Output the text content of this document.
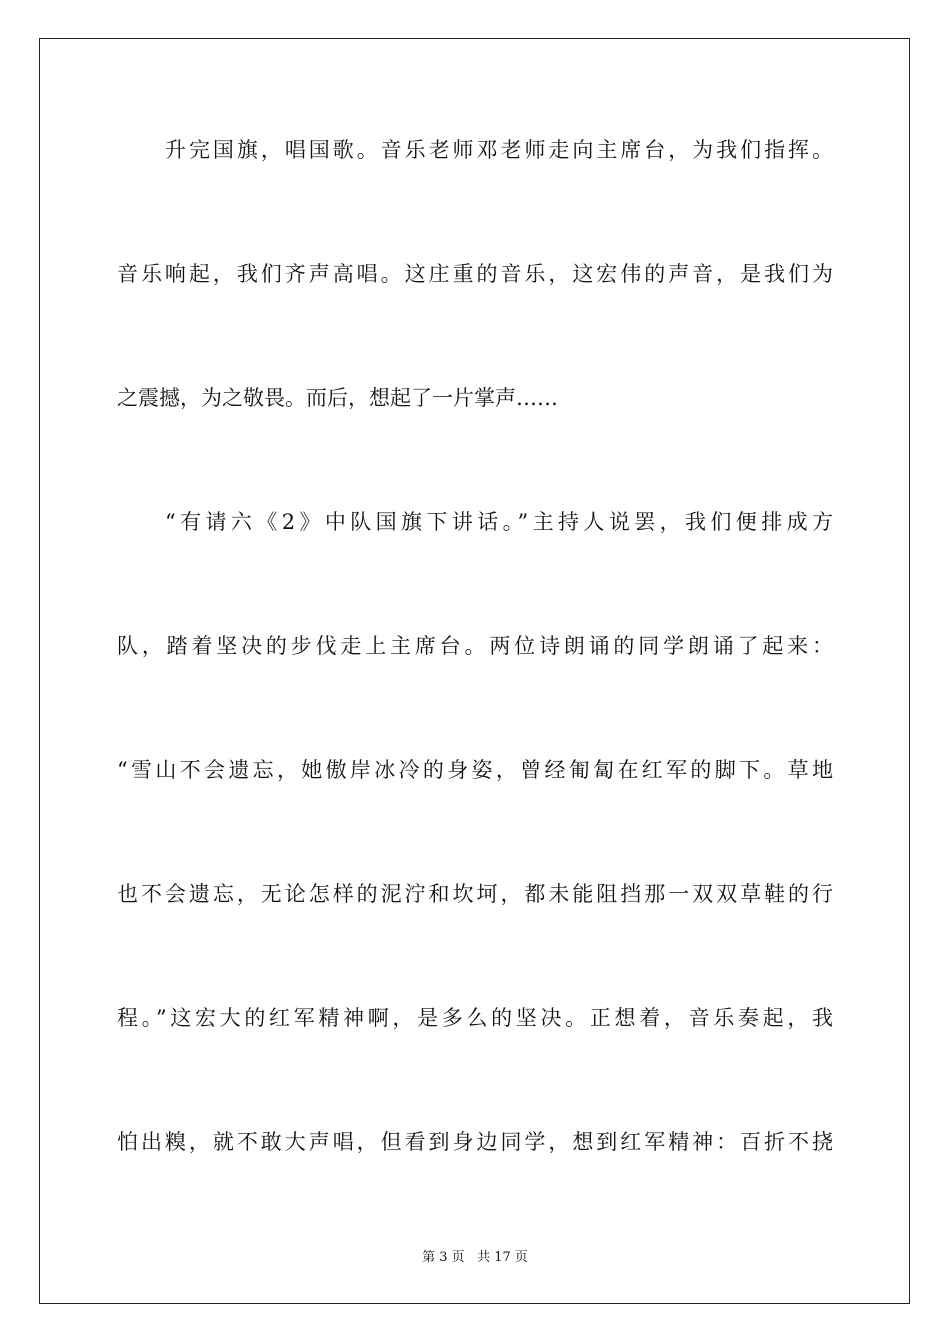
升完国旗，唱国歌。音乐老师邓老师走向主席台，为我们指挥。
音乐响起，我们齐声高唱。这庄重的音乐，这宏伟的声音，是我们为
之震撼，为之敬畏。而后，想起了一片掌声……
“有请六《2》中队国旗下讲话。”主持人说罢，我们便排成方
队，踏着坚决的步伐走上主席台。两位诗朗诵的同学朗诵了起来：
“雪山不会遗忘，她傲岸冰冷的身姿，曾经匍匐在红军的脚下。草地
也不会遗忘，无论怎样的泥泞和坎坷，都未能阻挡那一双双草鞋的行
程。”这宏大的红军精神啊，是多么的坚决。正想着，音乐奏起，我
怕出糗，就不敢大声唱，但看到身边同学，想到红军精神：百折不挠
第 3 页 共 17 页
